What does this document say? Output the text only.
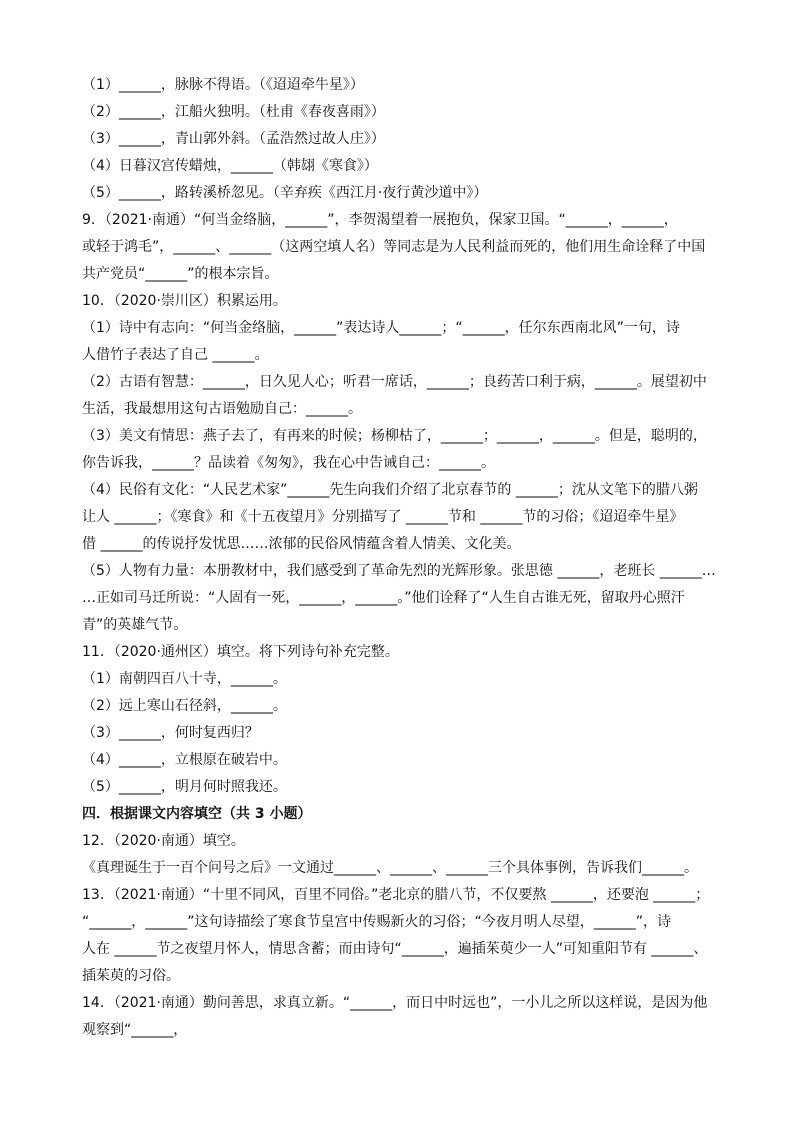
（1）______，脉脉不得语。（《迢迢牵牛星》）
（2）______，江船火独明。（杜甫《春夜喜雨》）
（3）______，青山郭外斜。（孟浩然过故人庄》）
（4）日暮汉宫传蜡烛，______（韩翃《寒食》）
（5）______，路转溪桥忽见。（辛弃疾《西江月·夜行黄沙道中》）
9．（2021·南通）“何当金络脑，______”，李贺渴望着一展抱负，保家卫国。“______，______，
或轻于鸿毛”，______、______（这两空填人名）等同志是为人民利益而死的，他们用生命诠释了中国
共产党员“______”的根本宗旨。
10．（2020·崇川区）积累运用。
（1）诗中有志向：“何当金络脑，______”表达诗人______；“______，任尔东西南北风”一句，诗
人借竹子表达了自己 ______。
（2）古语有智慧：______，日久见人心；听君一席话，______；良药苦口利于病，______。展望初中
生活，我最想用这句古语勉励自己：______。
（3）美文有情思：燕子去了，有再来的时候；杨柳枯了，______；______，______。但是，聪明的，
你告诉我，______？品读着《匆匆》，我在心中告诫自己：______。
（4）民俗有文化：“人民艺术家”______先生向我们介绍了北京春节的 ______；沈从文笔下的腊八粥
让人 ______；《寒食》和《十五夜望月》分别描写了 ______节和 ______节的习俗；《迢迢牵牛星》
借 ______的传说抒发忧思……浓郁的民俗风情蕴含着人情美、文化美。
（5）人物有力量：本册教材中，我们感受到了革命先烈的光辉形象。张思德 ______，老班长 ______…
…正如司马迁所说：“人固有一死，______，______。”他们诠释了“人生自古谁无死，留取丹心照汗
青”的英雄气节。
11．（2020·通州区）填空。将下列诗句补充完整。
（1）南朝四百八十寺，______。
（2）远上寒山石径斜，______。
（3）______，何时复西归？
（4）______，立根原在破岩中。
（5）______，明月何时照我还。
四．根据课文内容填空（共 3 小题）
12．（2020·南通）填空。
《真理诞生于一百个问号之后》一文通过______、______、______三个具体事例，告诉我们______。
13．（2021·南通）“十里不同风，百里不同俗。”老北京的腊八节，不仅要熬 ______，还要泡 ______；
“______，______”这句诗描绘了寒食节皇宫中传赐新火的习俗；“今夜月明人尽望，______”，诗
人在 ______节之夜望月怀人，情思含蓄；而由诗句“______，遍插茱萸少一人”可知重阳节有 ______、
插茱萸的习俗。
14．（2021·南通）勤问善思，求真立新。“______，而日中时远也”，一小儿之所以这样说，是因为他
观察到“______，
